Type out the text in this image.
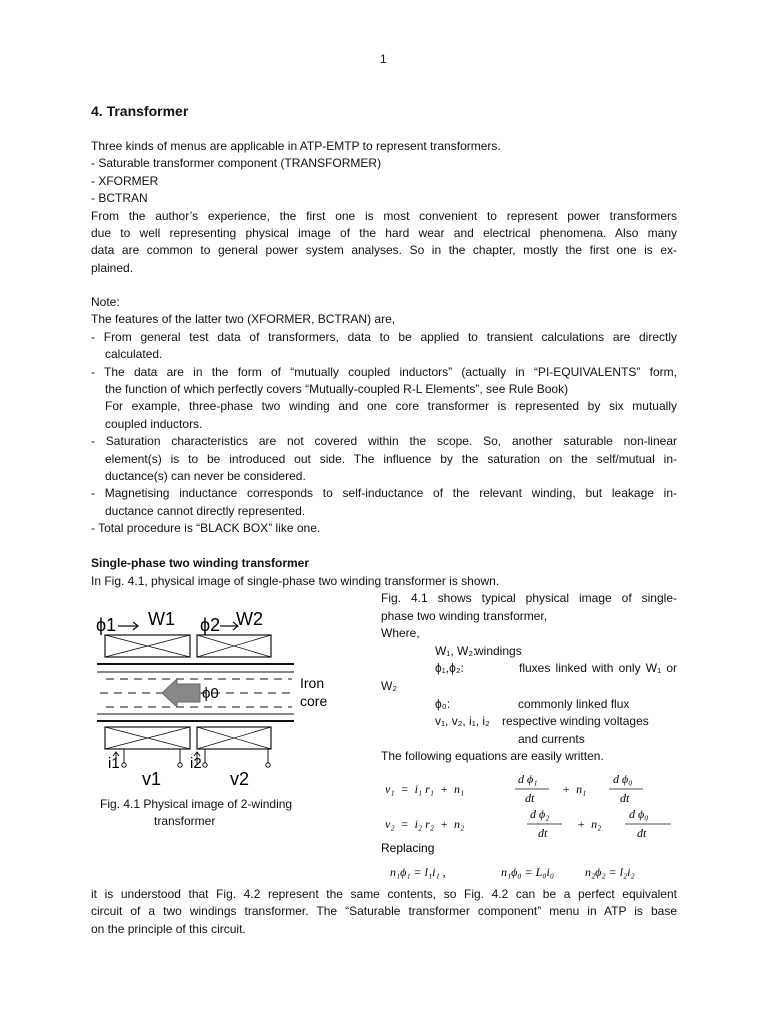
1
4. Transformer
Three kinds of menus are applicable in ATP-EMTP to represent transformers.
- Saturable transformer component (TRANSFORMER)
- XFORMER
- BCTRAN
From the author’s experience, the first one is most convenient to represent power transformers
due to well representing physical image of the hard wear and electrical phenomena. Also many
data are common to general power system analyses. So in the chapter, mostly the first one is ex-
plained.
Note:
The features of the latter two (XFORMER, BCTRAN) are,
- From general test data of transformers, data to be applied to transient calculations are directly
calculated.
- The data are in the form of “mutually coupled inductors” (actually in “PI-EQUIVALENTS” form,
the function of which perfectly covers “Mutually-coupled R-L Elements”, see Rule Book)
For example, three-phase two winding and one core transformer is represented by six mutually
coupled inductors.
- Saturation characteristics are not covered within the scope. So, another saturable non-linear
element(s) is to be introduced out side. The influence by the saturation on the self/mutual in-
ductance(s) can never be considered.
- Magnetising inductance corresponds to self-inductance of the relevant winding, but leakage in-
ductance cannot directly represented.
- Total procedure is “BLACK BOX” like one.
Single-phase two winding transformer
In Fig. 4.1, physical image of single-phase two winding transformer is shown.
ϕ1 W1 ϕ2 W2
ϕ0
Iron
core
i1	i2
v1	v2
Fig. 4.1 Physical image of 2-winding
transformer
Fig. 4.1 shows typical physical image of single-
phase two winding transformer,
Where,
W₁, W₂:
windings
ϕ₁,ϕ₂:	fluxes linked with only W₁ or
W₂
ϕ₀:	commonly linked flux
v₁, v₂, i₁, i₂ respective winding voltages
and currents
The following equations are easily written.
v₁  =  i₁ r₁  +  n₁
d ϕ₁
dt
+  n₁
d ϕ₀
dt
v₂  =  i₂ r₂  +  n₂
d ϕ₂
dt
+  n₂
d ϕ₀
dt
Replacing
n₁ϕ₁ = l₁i₁ ,	n₁ϕ₀ = L₀i₀	n₂ϕ₂ = l₂i₂
it is understood that Fig. 4.2 represent the same contents, so Fig. 4.2 can be a perfect equivalent
circuit of a two windings transformer. The “Saturable transformer component” menu in ATP is base
on the principle of this circuit.
